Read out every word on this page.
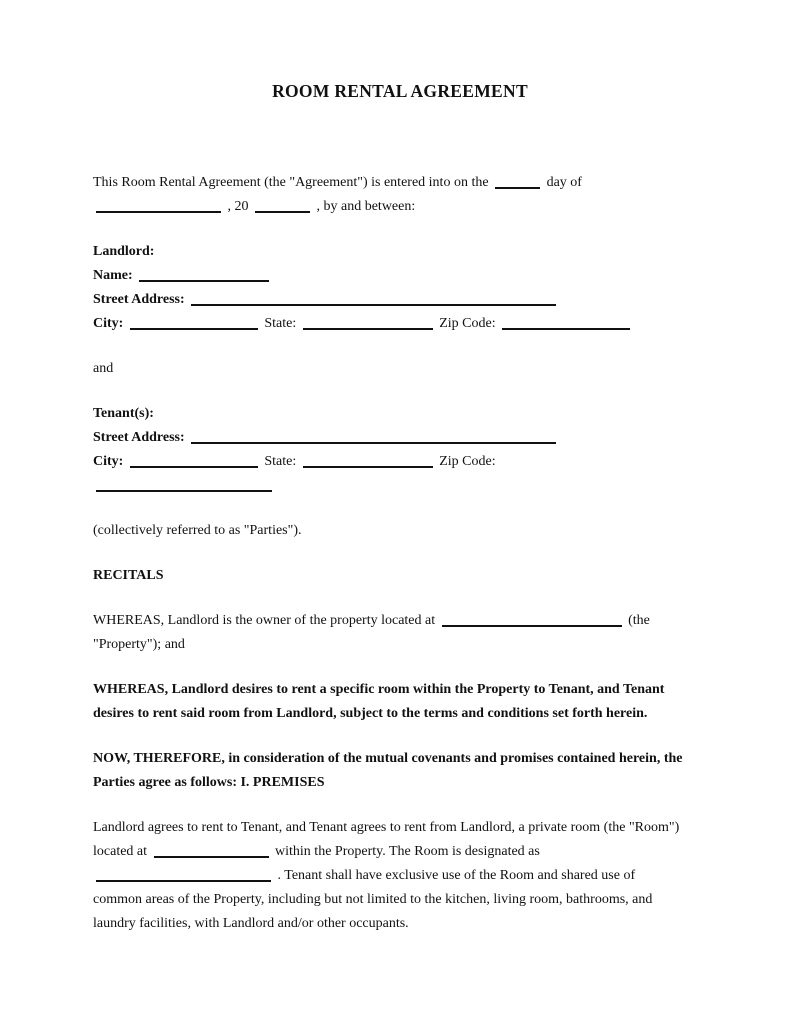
ROOM RENTAL AGREEMENT

This Room Rental Agreement (the "Agreement") is entered into on the	day of
, 20	, by and between:

Landlord:
Name:
Street Address:
City:	State:	Zip Code:

and

Tenant(s):
Street Address:
City:	State:	Zip Code:

(collectively referred to as "Parties").

RECITALS

WHEREAS, Landlord is the owner of the property located at	(the
"Property"); and

WHEREAS, Landlord desires to rent a specific room within the Property to Tenant, and Tenant
desires to rent said room from Landlord, subject to the terms and conditions set forth herein.

NOW, THEREFORE, in consideration of the mutual covenants and promises contained herein, the
Parties agree as follows: I. PREMISES

Landlord agrees to rent to Tenant, and Tenant agrees to rent from Landlord, a private room (the "Room")
located at	within the Property. The Room is designated as
. Tenant shall have exclusive use of the Room and shared use of
common areas of the Property, including but not limited to the kitchen, living room, bathrooms, and
laundry facilities, with Landlord and/or other occupants.
